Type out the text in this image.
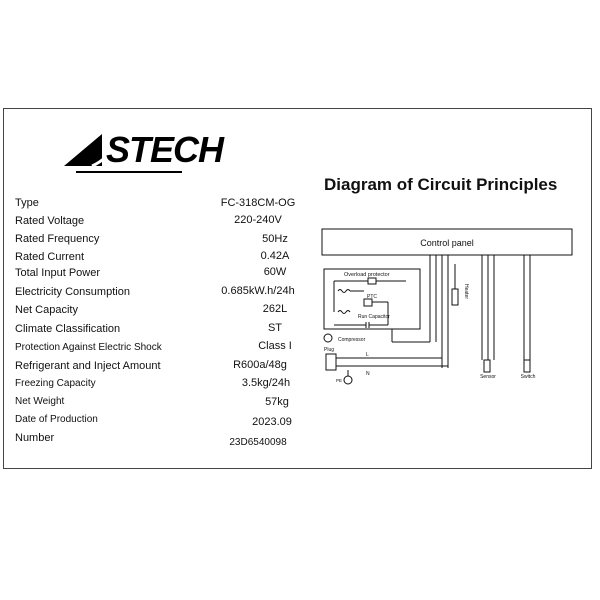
STECH
Type	FC-318CM-OG
Rated Voltage	220-240V
Rated Frequency	50Hz
Rated Current	0.42A
Total Input Power	60W
Electricity Consumption	0.685kW.h/24h
Net Capacity	262L
Climate Classification	ST
Protection Against Electric Shock	Class I
Refrigerant and Inject Amount	R600a/48g
Freezing Capacity	3.5kg/24h
Net Weight	57kg
Date of Production	2023.09
Number	23D6540098
Diagram of Circuit Principles
Control panel
Overload protector
PTC
Run Capacitor
Heater
Compressor
Plug
L
N
PE
Sensor	Switch
